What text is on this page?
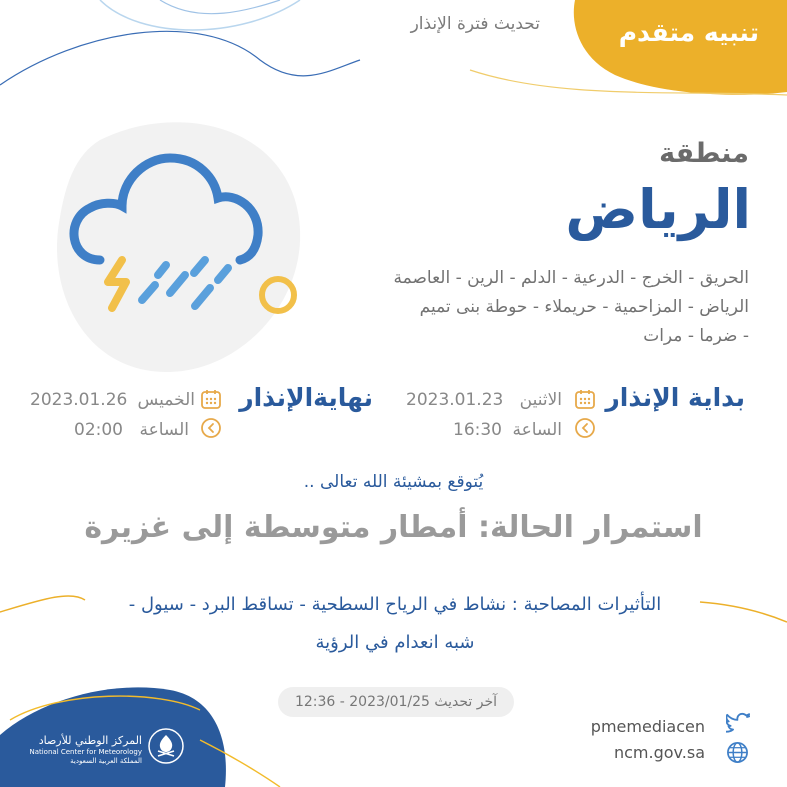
تنبيه متقدم
تحديث فترة الإنذار
منطقة
الرياض
الحريق - الخرج - الدرعية - الدلم - الرين - العاصمة
الرياض - المزاحمية - حريملاء - حوطة بنى تميم
- ضرما - مرات
بداية الإنذار
الاثنين
2023.01.23
الساعة
16:30
نهايةالإنذار
الخميس
2023.01.26
الساعة
02:00
يُتوقع بمشيئة الله تعالى ..
استمرار الحالة: أمطار متوسطة إلى غزيرة
التأثيرات المصاحبة : نشاط في الرياح السطحية - تساقط البرد - سيول -
شبه انعدام في الرؤية
آخر تحديث 2023/01/25 - 12:36
المركز الوطني للأرصاد
National Center for Meteorology
المملكة العربية السعودية
pmemediacen
ncm.gov.sa
